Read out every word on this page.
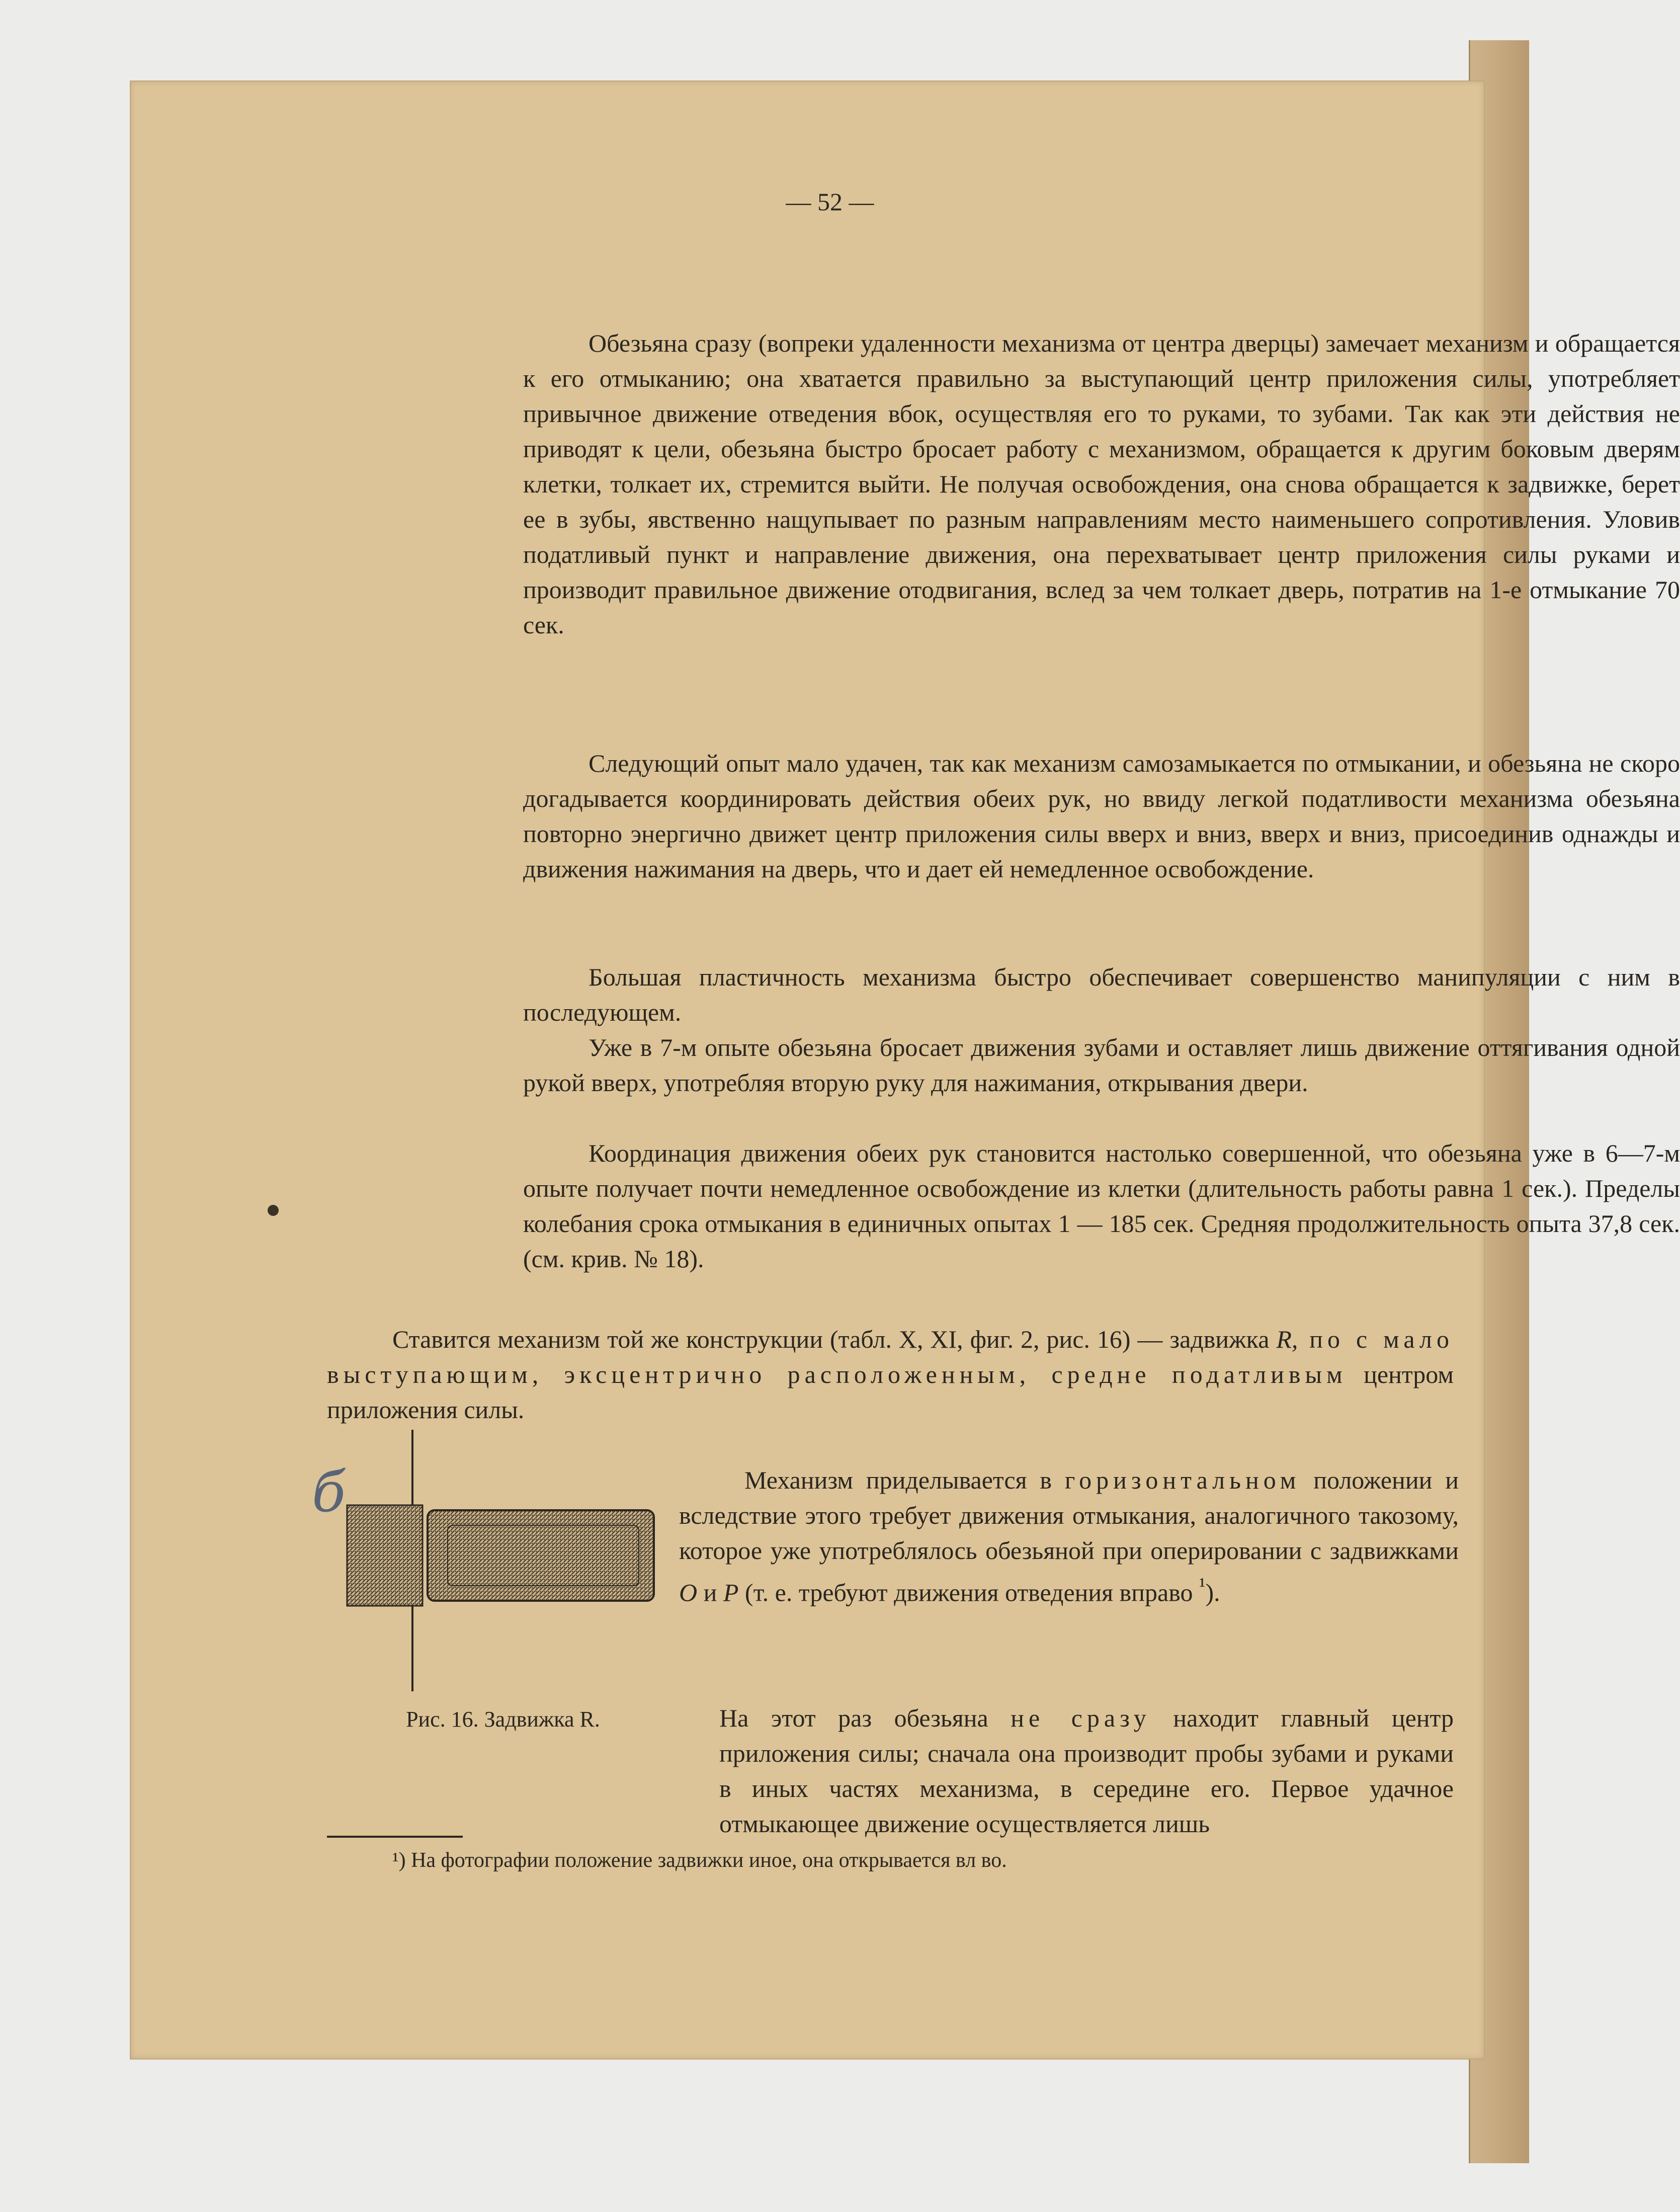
— 52 —

Обезьяна сразу (вопреки удаленности механизма от центра дверцы) замечает механизм и обращается к его отмыканию; она хватается правильно за выступающий центр приложения силы, употребляет привычное движение отведения вбок, осуществляя его то руками, то зубами. Так как эти действия не приводят к цели, обезьяна быстро бросает работу с механизмом, обращается к другим боковым дверям клетки, толкает их, стремится выйти. Не получая освобождения, она снова обращается к задвижке, берет ее в зубы, явственно нащупывает по разным направлениям место наименьшего сопротивления. Уловив податливый пункт и направление движения, она перехватывает центр приложения силы руками и производит правильное движение отодвигания, вслед за чем толкает дверь, потратив на 1-е отмыкание 70 сек.

Следующий опыт мало удачен, так как механизм самозамыкается по отмыкании, и обезьяна не скоро догадывается координировать действия обеих рук, но ввиду легкой податливости механизма обезьяна повторно энергично движет центр приложения силы вверх и вниз, вверх и вниз, присоединив однажды и движения нажимания на дверь, что и дает ей немедленное освобождение.

Большая пластичность механизма быстро обеспечивает совершенство манипуляции с ним в последующем.

Уже в 7-м опыте обезьяна бросает движения зубами и оставляет лишь движение оттягивания одной рукой вверх, употребляя вторую руку для нажимания, открывания двери.

Координация движения обеих рук становится настолько совершенной, что обезьяна уже в 6—7-м опыте получает почти немедленное освобождение из клетки (длительность работы равна 1 сек.). Пределы колебания срока отмыкания в единичных опытах 1 — 185 сек. Средняя продолжительность опыта 37,8 сек. (см. крив. № 18).

Ставится механизм той же конструкции (табл. X, XI, фиг. 2, рис. 16) — задвижка R, по с мало выступающим, эксцентрично расположенным, средне податливым центром приложения силы.
Механизм приделывается в горизонтальном положении и вследствие этого требует движения отмыкания, аналогичного такозому, которое уже употреблялось обезьяной при оперировании с задвижками O и P (т. е. требуют движения отведения вправо $^{^1}$).
Рис. 16. Задвижка R.	На этот раз обезьяна не сразу находит главный центр приложения силы; сначала она производит пробы зубами и руками в иных частях механизма, в середине его. Первое удачное отмыкающее движение осуществляется лишь
¹) На фотографии положение задвижки иное, она открывается вл во.
б
